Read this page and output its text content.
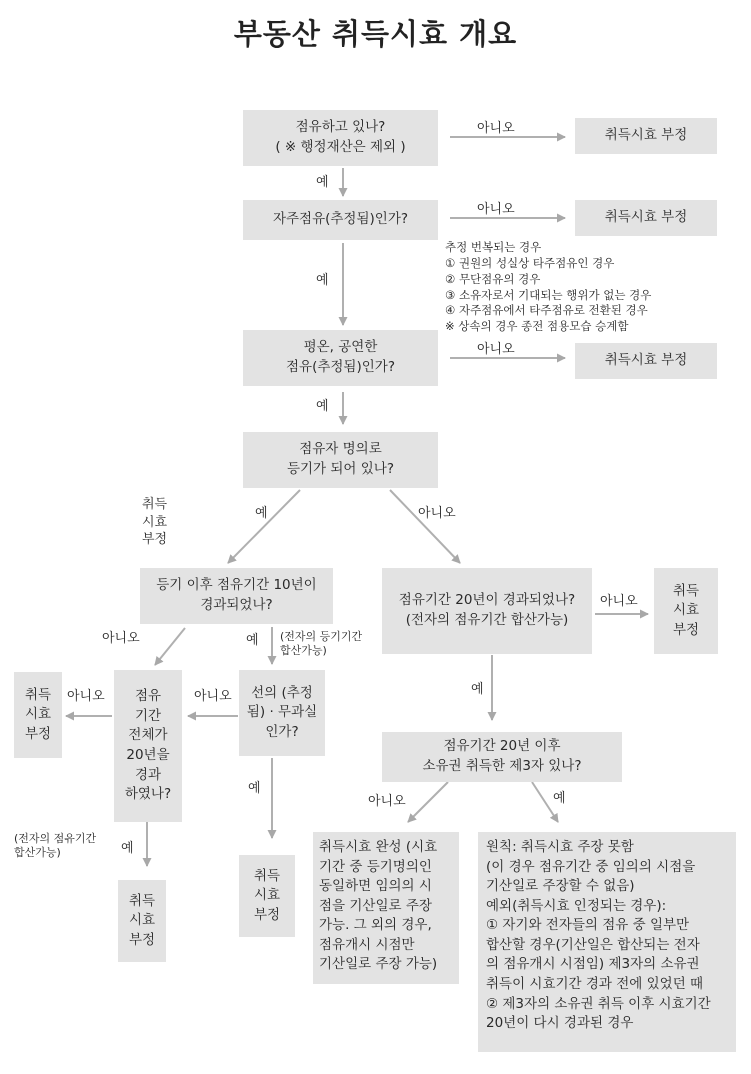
부동산 취득시효 개요
점유하고 있나?
( ※ 행정재산은 제외 )
자주점유(추정됨)인가?
평온, 공연한
점유(추정됨)인가?
점유자 명의로
등기가 되어 있나?
등기 이후 점유기간 10년이
경과되었나?	점유기간 20년이 경과되었나?
(전자의 점유기간 합산가능)
선의 (추정
됨) · 무과실
인가?
점유
기간
전체가
20년을
경과
하였나?
점유기간 20년 이후
소유권 취득한 제3자 있나?
취득시효 부정
취득시효 부정
취득시효 부정
취득
시효
부정
취득
시효
부정
취득
시효
부정
취득
시효
부정
취득시효 완성 (시효
기간 중 등기명의인
동일하면 임의의 시
점을 기산일로 주장
가능. 그 외의 경우,
점유개시 시점만
기산일로 주장 가능)
원칙: 취득시효 주장 못함
(이 경우 점유기간 중 임의의 시점을
기산일로 주장할 수 없음)
예외(취득시효 인정되는 경우):
① 자기와 전자들의 점유 중 일부만
합산할 경우(기산일은 합산되는 전자
의 점유개시 시점임) 제3자의 소유권
취득이 시효기간 경과 전에 있었던 때
② 제3자의 소유권 취득 이후 시효기간
20년이 다시 경과된 경우
추정 번복되는 경우
① 권원의 성실상 타주점유인 경우
② 무단점유의 경우
③ 소유자로서 기대되는 행위가 없는 경우
④ 자주점유에서 타주점유로 전환된 경우
※ 상속의 경우 종전 점용모습 승계함
아니오
아니오
아니오
예
예
예
취득
시효
부정
예	아니오
아니오	예 (전자의 등기기간
합산가능)
아니오
예
아니오
예
아니오
예
(전자의 점유기간
합산가능)
아니오	예
